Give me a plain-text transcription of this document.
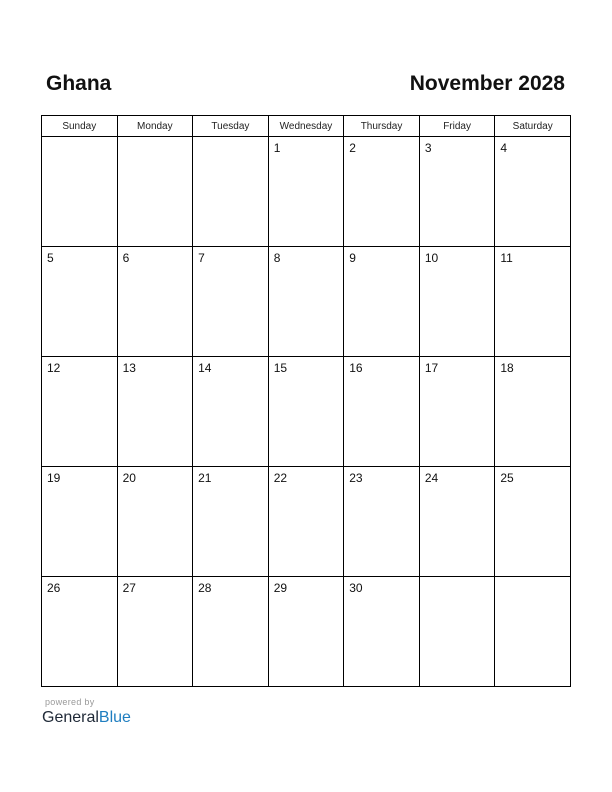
Ghana	November 2028
Sunday	Monday	Tuesday	Wednesday	Thursday	Friday	Saturday

			1	2	3	4

5	6	7	8	9	10	11

12	13	14	15	16	17	18

19	20	21	22	23	24	25

26	27	28	29	30		

powered by
GeneralBlue
